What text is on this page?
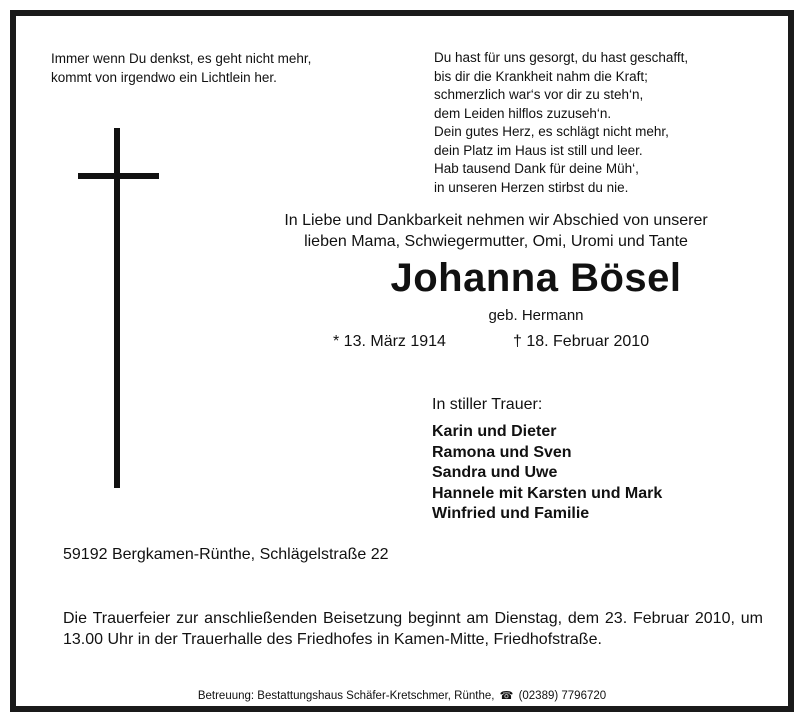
Immer wenn Du denkst, es geht nicht mehr,
kommt von irgendwo ein Lichtlein her.
Du hast für uns gesorgt, du hast geschafft,
bis dir die Krankheit nahm die Kraft;
schmerzlich war‘s vor dir zu steh‘n,
dem Leiden hilflos zuzuseh‘n.
Dein gutes Herz, es schlägt nicht mehr,
dein Platz im Haus ist still und leer.
Hab tausend Dank für deine Müh‘,
in unseren Herzen stirbst du nie.
In Liebe und Dankbarkeit nehmen wir Abschied von unserer
lieben Mama, Schwiegermutter, Omi, Uromi und Tante
Johanna Bösel
geb. Hermann
* 13. März 1914	† 18. Februar 2010
In stiller Trauer:
Karin und Dieter
Ramona und Sven
Sandra und Uwe
Hannele mit Karsten und Mark
Winfried und Familie
59192 Bergkamen-Rünthe, Schlägelstraße 22
Die Trauerfeier zur anschließenden Beisetzung beginnt am Dienstag, dem 23. Februar 2010, um 13.00 Uhr in der Trauerhalle des Friedhofes in Kamen-Mitte, Friedhofstraße.
Betreuung: Bestattungshaus Schäfer-Kretschmer, Rünthe, ☎ (02389) 7796720
